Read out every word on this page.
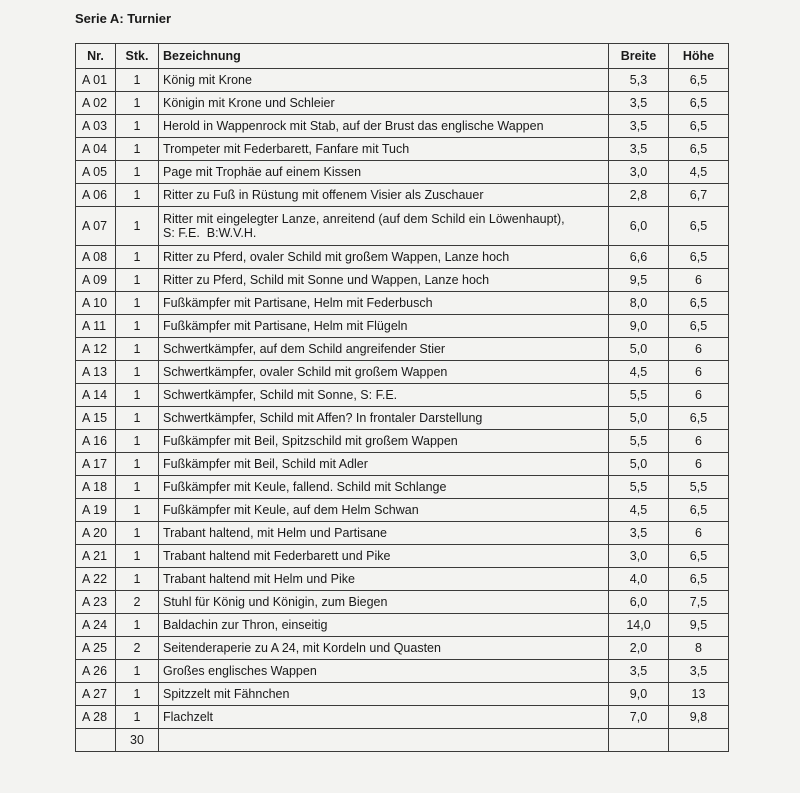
Serie A: Turnier
Nr.	Stk.	Bezeichnung	Breite	Höhe
A 01	1	König mit Krone	5,3	6,5
A 02	1	Königin mit Krone und Schleier	3,5	6,5
A 03	1	Herold in Wappenrock mit Stab, auf der Brust das englische Wappen	3,5	6,5
A 04	1	Trompeter mit Federbarett, Fanfare mit Tuch	3,5	6,5
A 05	1	Page mit Trophäe auf einem Kissen	3,0	4,5
A 06	1	Ritter zu Fuß in Rüstung mit offenem Visier als Zuschauer	2,8	6,7
A 07	1	Ritter mit eingelegter Lanze, anreitend (auf dem Schild ein Löwenhaupt),
S: F.E.  B:W.V.H.	6,0	6,5
A 08	1	Ritter zu Pferd, ovaler Schild mit großem Wappen, Lanze hoch	6,6	6,5
A 09	1	Ritter zu Pferd, Schild mit Sonne und Wappen, Lanze hoch	9,5	6
A 10	1	Fußkämpfer mit Partisane, Helm mit Federbusch	8,0	6,5
A 11	1	Fußkämpfer mit Partisane, Helm mit Flügeln	9,0	6,5
A 12	1	Schwertkämpfer, auf dem Schild angreifender Stier	5,0	6
A 13	1	Schwertkämpfer, ovaler Schild mit großem Wappen	4,5	6
A 14	1	Schwertkämpfer, Schild mit Sonne, S: F.E.	5,5	6
A 15	1	Schwertkämpfer, Schild mit Affen? In frontaler Darstellung	5,0	6,5
A 16	1	Fußkämpfer mit Beil, Spitzschild mit großem Wappen	5,5	6
A 17	1	Fußkämpfer mit Beil, Schild mit Adler	5,0	6
A 18	1	Fußkämpfer mit Keule, fallend. Schild mit Schlange	5,5	5,5
A 19	1	Fußkämpfer mit Keule, auf dem Helm Schwan	4,5	6,5
A 20	1	Trabant haltend, mit Helm und Partisane	3,5	6
A 21	1	Trabant haltend mit Federbarett und Pike	3,0	6,5
A 22	1	Trabant haltend mit Helm und Pike	4,0	6,5
A 23	2	Stuhl für König und Königin, zum Biegen	6,0	7,5
A 24	1	Baldachin zur Thron, einseitig	14,0	9,5
A 25	2	Seitenderaperie zu A 24, mit Kordeln und Quasten	2,0	8
A 26	1	Großes englisches Wappen	3,5	3,5
A 27	1	Spitzzelt mit Fähnchen	9,0	13
A 28	1	Flachzelt	7,0	9,8
	30			
